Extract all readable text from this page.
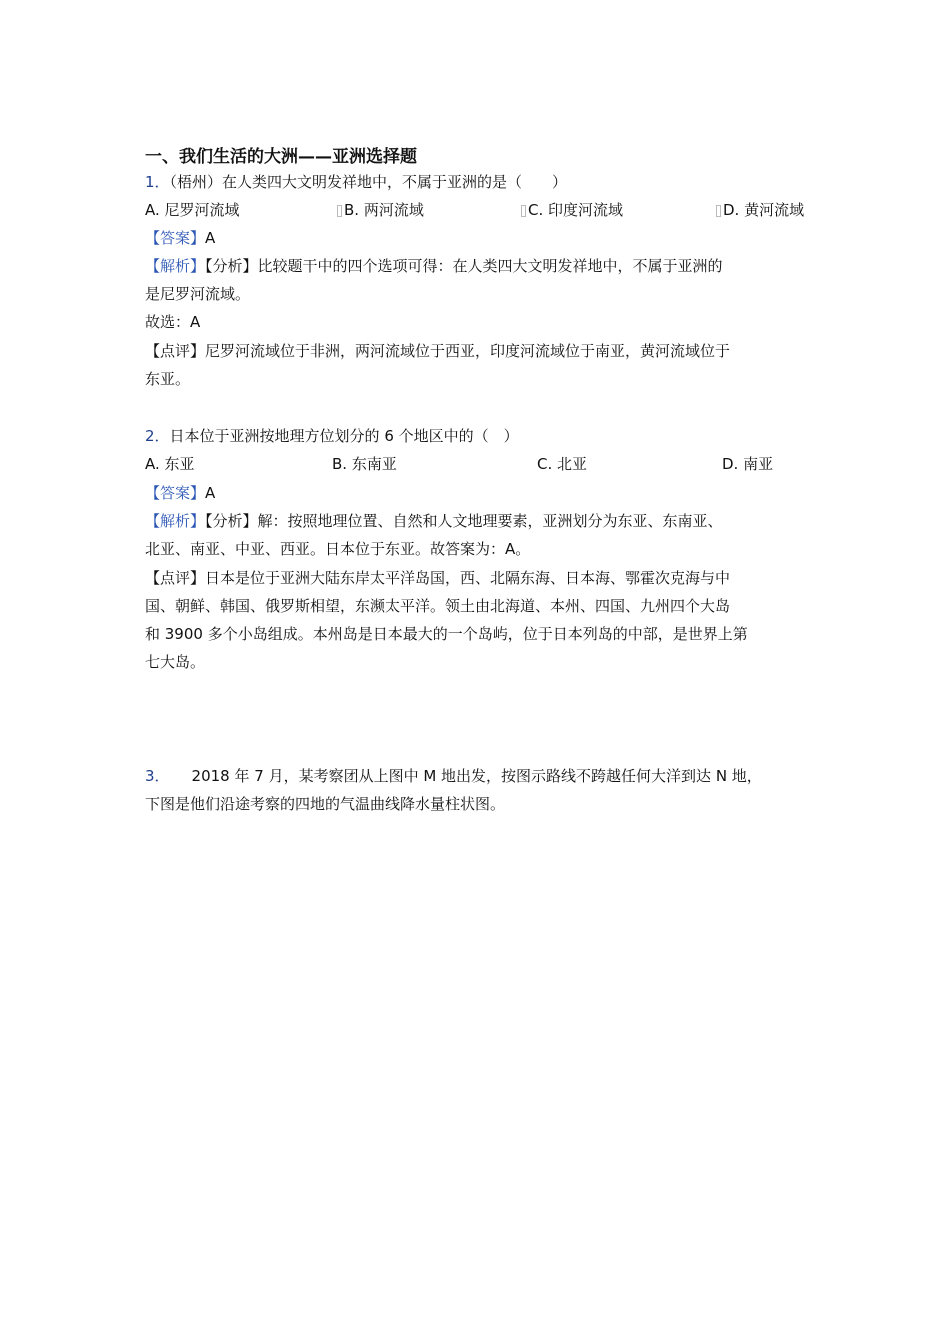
一、我们生活的大洲——亚洲选择题
1．（梧州）在人类四大文明发祥地中，不属于亚洲的是（　　）
A. 尼罗河流域	B. 两河流域	C. 印度河流域	D. 黄河流域
【答案】A
【解析】【分析】比较题干中的四个选项可得：在人类四大文明发祥地中，不属于亚洲的
是尼罗河流域。
故选：A
【点评】尼罗河流域位于非洲，两河流域位于西亚，印度河流域位于南亚，黄河流域位于
东亚。
2．日本位于亚洲按地理方位划分的 6 个地区中的（　）
A. 东亚	B. 东南亚	C. 北亚	D. 南亚
【答案】A
【解析】【分析】解：按照地理位置、自然和人文地理要素，亚洲划分为东亚、东南亚、
北亚、南亚、中亚、西亚。日本位于东亚。故答案为：A。
【点评】日本是位于亚洲大陆东岸太平洋岛国，西、北隔东海、日本海、鄂霍次克海与中
国、朝鲜、韩国、俄罗斯相望，东濒太平洋。领土由北海道、本州、四国、九州四个大岛
和 3900 多个小岛组成。本州岛是日本最大的一个岛屿，位于日本列岛的中部，是世界上第
七大岛。
3． 2018 年 7 月，某考察团从上图中 M 地出发，按图示路线不跨越任何大洋到达 N 地，
下图是他们沿途考察的四地的气温曲线降水量柱状图。
